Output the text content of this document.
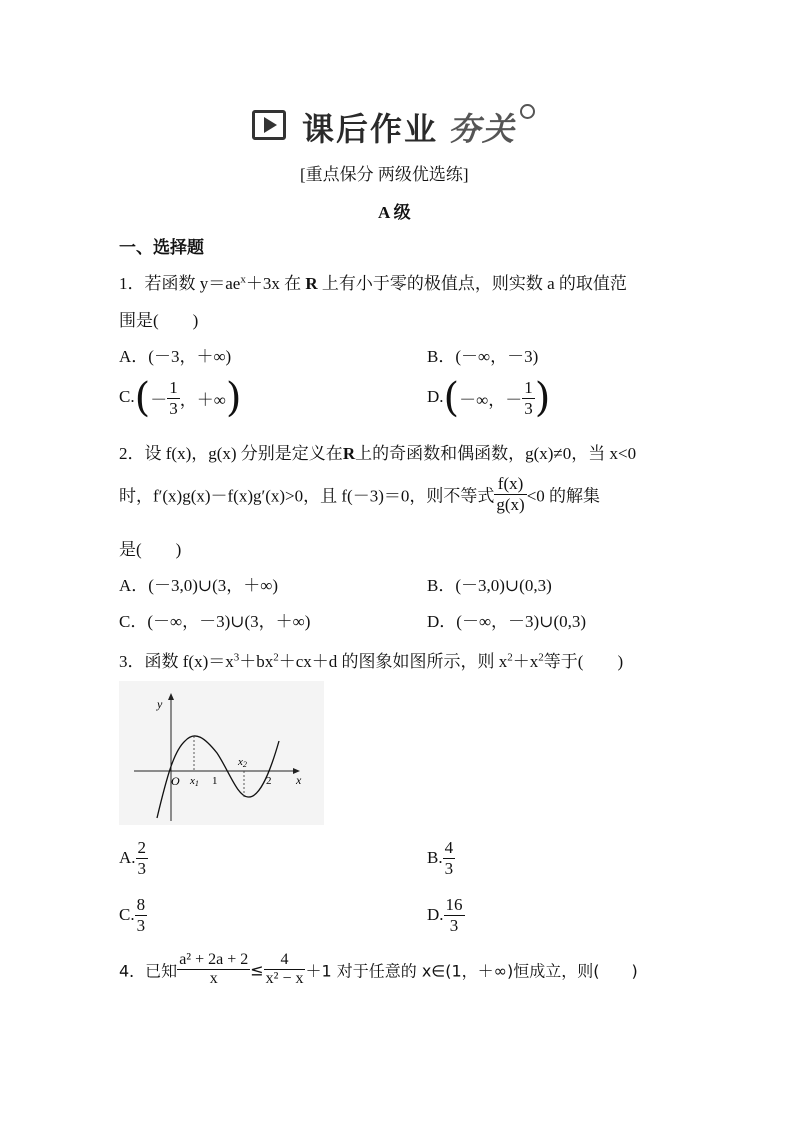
课后作业 夯关
[重点保分 两级优选练]
A 级
一、选择题
1．若函数 $y=ae^x+3x$ 在 R 上有小于零的极值点，则实数 a 的取值范
围是(　　)
A．(－3，＋∞)	B．(－∞，－3)
$C.(- \frac{1}{3}$ ，＋∞)	D.(－∞，－ $\frac{1}{3}$ )
2．设 f(x)，g(x) 分别是定义在R上的奇函数和偶函数，g(x)≠0，当 x<0
时，f′(x)g(x)－f(x)g′(x)>0，且 f(－3)＝0，则不等式 $\frac{f(x)}{g(x)} <0$ 的解集
是(　　)
A．(－3,0)∪(3，＋∞)	B．(－3,0)∪(0,3)
C．(－∞，－3)∪(3，＋∞)	D．(－∞，－3)∪(0,3)
3．函数 $f(x)=x^3+bx^2+cx+d$ 的图象如图所示，则 $x^2+x^2$等于(　　)
y
x
O x1 1
x2
2
A. $\frac{2}{3}$	B. $\frac{4}{3}$
C. $\frac{8}{3}$	D. $\frac{16}{3}$
4．已知 $\frac{\text{a² + 2a + 2}}{x} \le \frac{4}{\text{x² − x}} +1$ 对于任意的 x∈(1，＋∞)恒成立，则(　　)
